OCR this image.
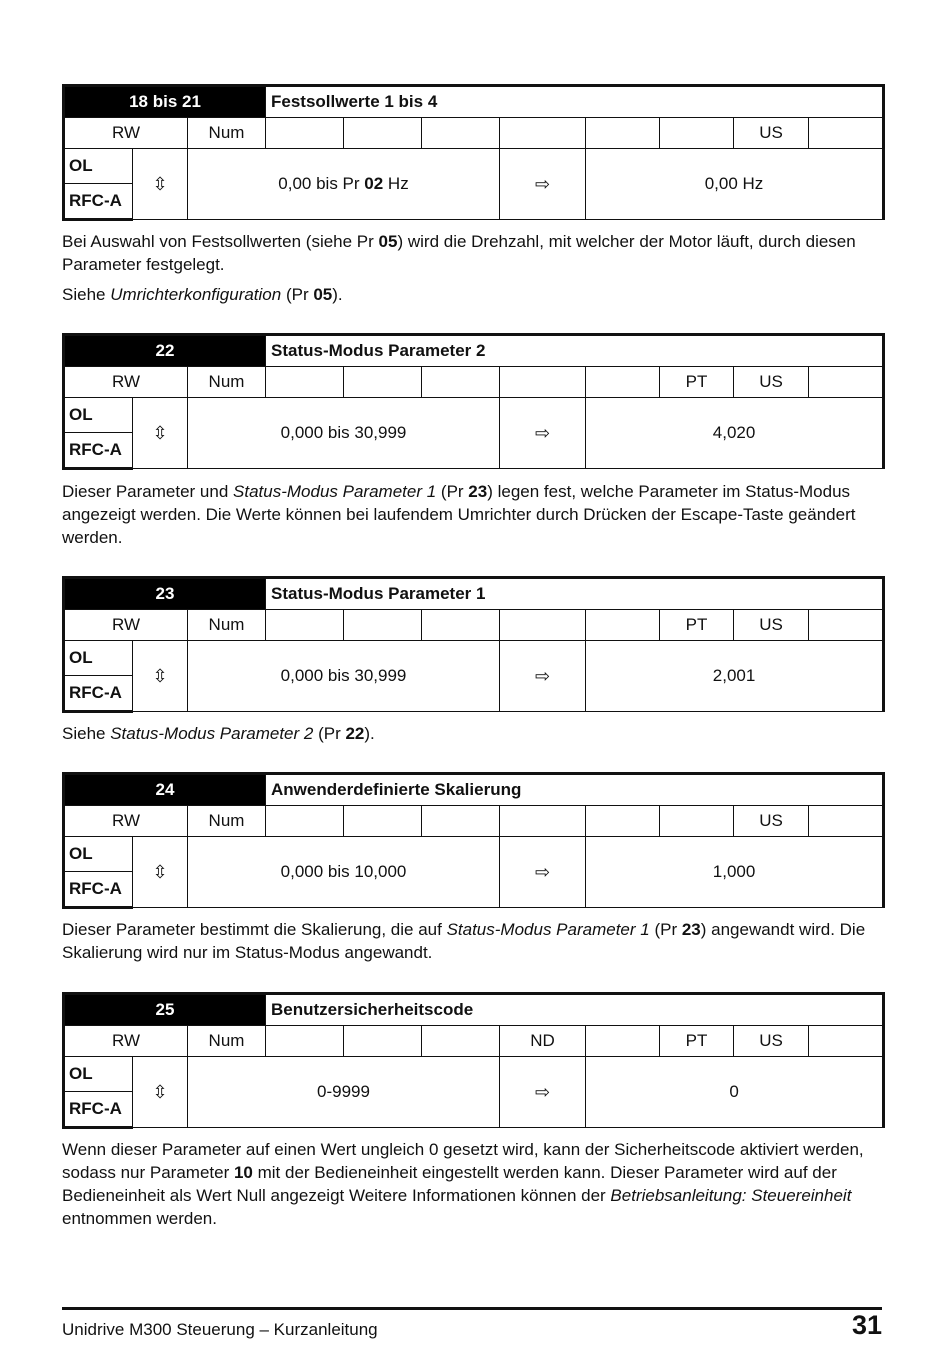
18 bis 21			Festsollwerte 1 bis 4							
RW		Num							US	
OL	⇳	0,00 bis Pr 02 Hz				⇨	0,00 Hz			
RFC-A										

Bei Auswahl von Festsollwerten (siehe Pr 05) wird die Drehzahl, mit welcher der Motor läuft, durch diesen Parameter festgelegt.

Siehe Umrichterkonfiguration (Pr 05).

22			Status-Modus Parameter 2							
RW		Num						PT	US	
OL	⇳	0,000 bis 30,999				⇨	4,020			
RFC-A										

Dieser Parameter und Status-Modus Parameter 1 (Pr 23) legen fest, welche Parameter im Status-Modus angezeigt werden. Die Werte können bei laufendem Umrichter durch Drücken der Escape-Taste geändert werden.

23			Status-Modus Parameter 1							
RW		Num						PT	US	
OL	⇳	0,000 bis 30,999				⇨	2,001			
RFC-A										

Siehe Status-Modus Parameter 2 (Pr 22).

24			Anwenderdefinierte Skalierung							
RW		Num							US	
OL	⇳	0,000 bis 10,000				⇨	1,000			
RFC-A										

Dieser Parameter bestimmt die Skalierung, die auf Status-Modus Parameter 1 (Pr 23) angewandt wird. Die Skalierung wird nur im Status-Modus angewandt.

25			Benutzersicherheitscode							
RW		Num				ND		PT	US	
OL	⇳	0-9999				⇨	0			
RFC-A										

Wenn dieser Parameter auf einen Wert ungleich 0 gesetzt wird, kann der Sicherheitscode aktiviert werden, sodass nur Parameter 10 mit der Bedieneinheit eingestellt werden kann. Dieser Parameter wird auf der Bedieneinheit als Wert Null angezeigt Weitere Informationen können der Betriebsanleitung: Steuereinheit entnommen werden.

Unidrive M300 Steuerung – Kurzanleitung	31
